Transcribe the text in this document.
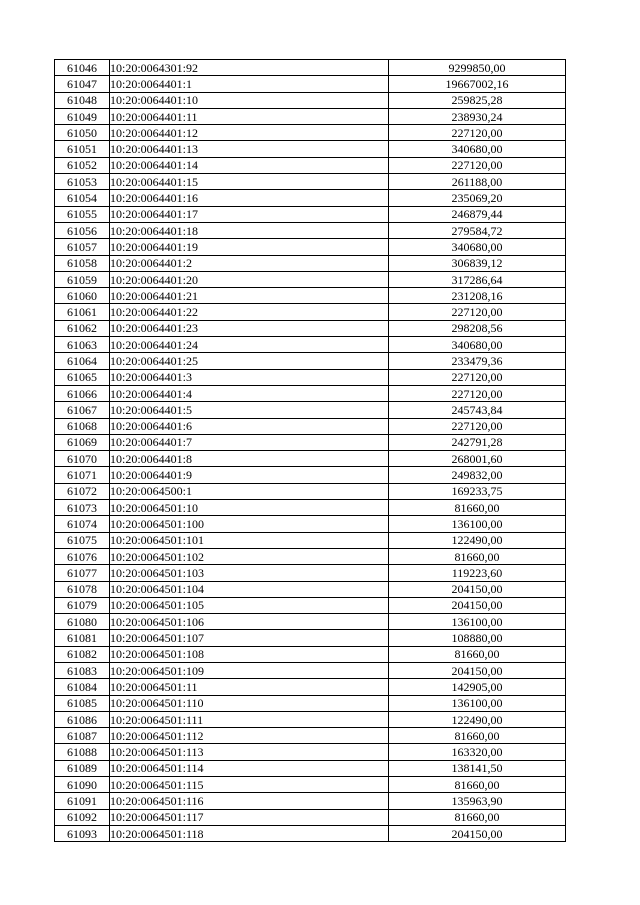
61046	10:20:0064301:92	9299850,00
61047	10:20:0064401:1	19667002,16
61048	10:20:0064401:10	259825,28
61049	10:20:0064401:11	238930,24
61050	10:20:0064401:12	227120,00
61051	10:20:0064401:13	340680,00
61052	10:20:0064401:14	227120,00
61053	10:20:0064401:15	261188,00
61054	10:20:0064401:16	235069,20
61055	10:20:0064401:17	246879,44
61056	10:20:0064401:18	279584,72
61057	10:20:0064401:19	340680,00
61058	10:20:0064401:2	306839,12
61059	10:20:0064401:20	317286,64
61060	10:20:0064401:21	231208,16
61061	10:20:0064401:22	227120,00
61062	10:20:0064401:23	298208,56
61063	10:20:0064401:24	340680,00
61064	10:20:0064401:25	233479,36
61065	10:20:0064401:3	227120,00
61066	10:20:0064401:4	227120,00
61067	10:20:0064401:5	245743,84
61068	10:20:0064401:6	227120,00
61069	10:20:0064401:7	242791,28
61070	10:20:0064401:8	268001,60
61071	10:20:0064401:9	249832,00
61072	10:20:0064500:1	169233,75
61073	10:20:0064501:10	81660,00
61074	10:20:0064501:100	136100,00
61075	10:20:0064501:101	122490,00
61076	10:20:0064501:102	81660,00
61077	10:20:0064501:103	119223,60
61078	10:20:0064501:104	204150,00
61079	10:20:0064501:105	204150,00
61080	10:20:0064501:106	136100,00
61081	10:20:0064501:107	108880,00
61082	10:20:0064501:108	81660,00
61083	10:20:0064501:109	204150,00
61084	10:20:0064501:11	142905,00
61085	10:20:0064501:110	136100,00
61086	10:20:0064501:111	122490,00
61087	10:20:0064501:112	81660,00
61088	10:20:0064501:113	163320,00
61089	10:20:0064501:114	138141,50
61090	10:20:0064501:115	81660,00
61091	10:20:0064501:116	135963,90
61092	10:20:0064501:117	81660,00
61093	10:20:0064501:118	204150,00
